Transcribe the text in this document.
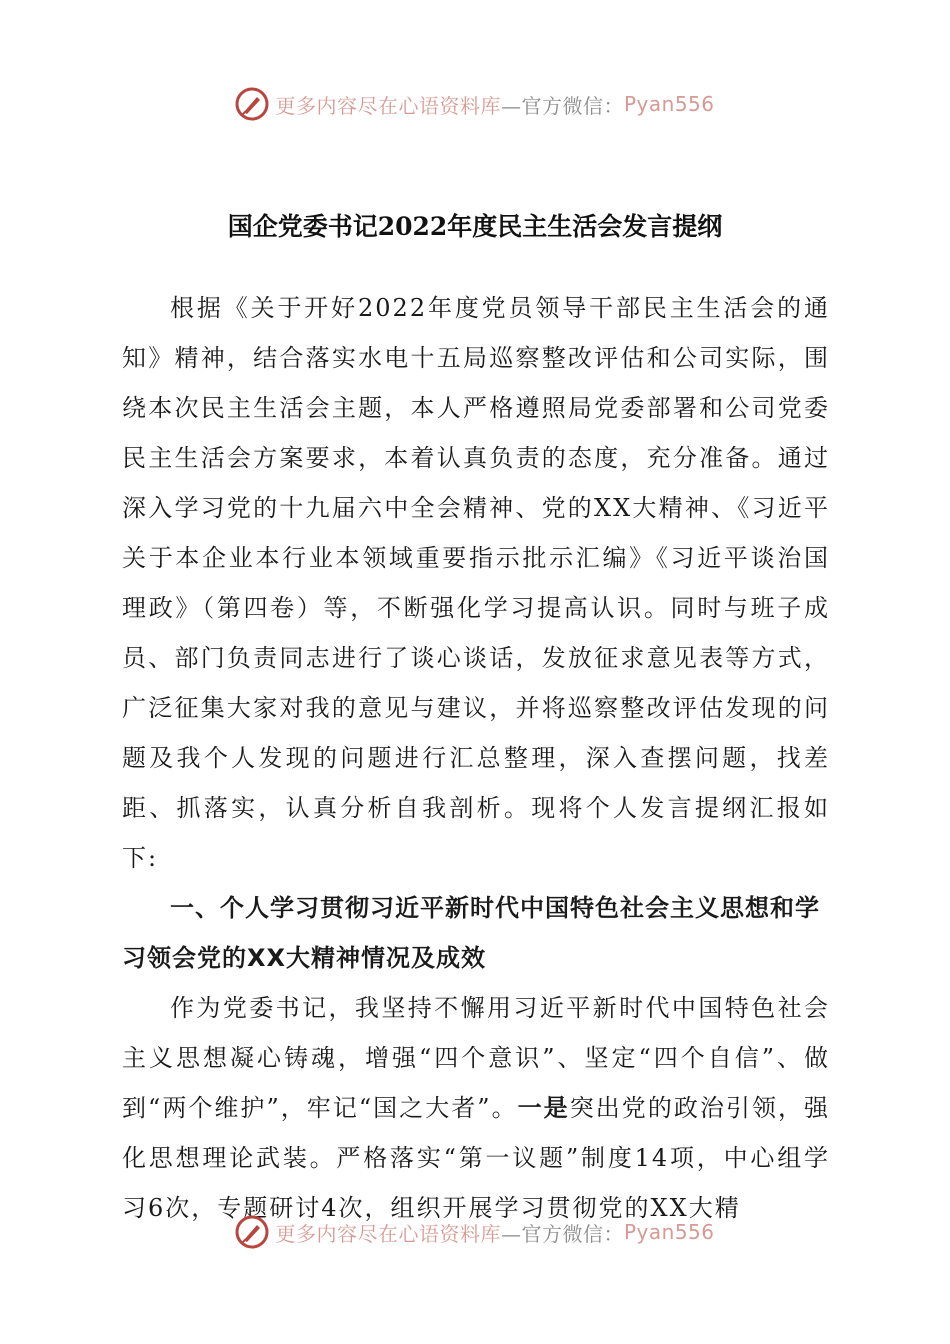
更多内容尽在心语资料库 —官方微信： Pyan556
国企党委书记2022年度民主生活会发言提纲

根据《关于开好2022年度党员领导干部民主生活会的通知》精神，结合落实水电十五局巡察整改评估和公司实际，围绕本次民主生活会主题，本人严格遵照局党委部署和公司党委民主生活会方案要求，本着认真负责的态度，充分准备。通过深入学习党的十九届六中全会精神、党的XX大精神、《习近平关于本企业本行业本领域重要指示批示汇编》《习近平谈治国理政》（第四卷）等，不断强化学习提高认识。同时与班子成员、部门负责同志进行了谈心谈话，发放征求意见表等方式，广泛征集大家对我的意见与建议，并将巡察整改评估发现的问题及我个人发现的问题进行汇总整理，深入查摆问题，找差距、抓落实，认真分析自我剖析。现将个人发言提纲汇报如下:

一、个人学习贯彻习近平新时代中国特色社会主义思想和学习领会党的XX大精神情况及成效

作为党委书记，我坚持不懈用习近平新时代中国特色社会主义思想凝心铸魂，增强“四个意识”、坚定“四个自信”、做到“两个维护”，牢记“国之大者”。一是突出党的政治引领，强化思想理论武装。严格落实“第一议题”制度14项，中心组学习6次，专题研讨4次，组织开展学习贯彻党的XX大精

更多内容尽在心语资料库 —官方微信： Pyan556
